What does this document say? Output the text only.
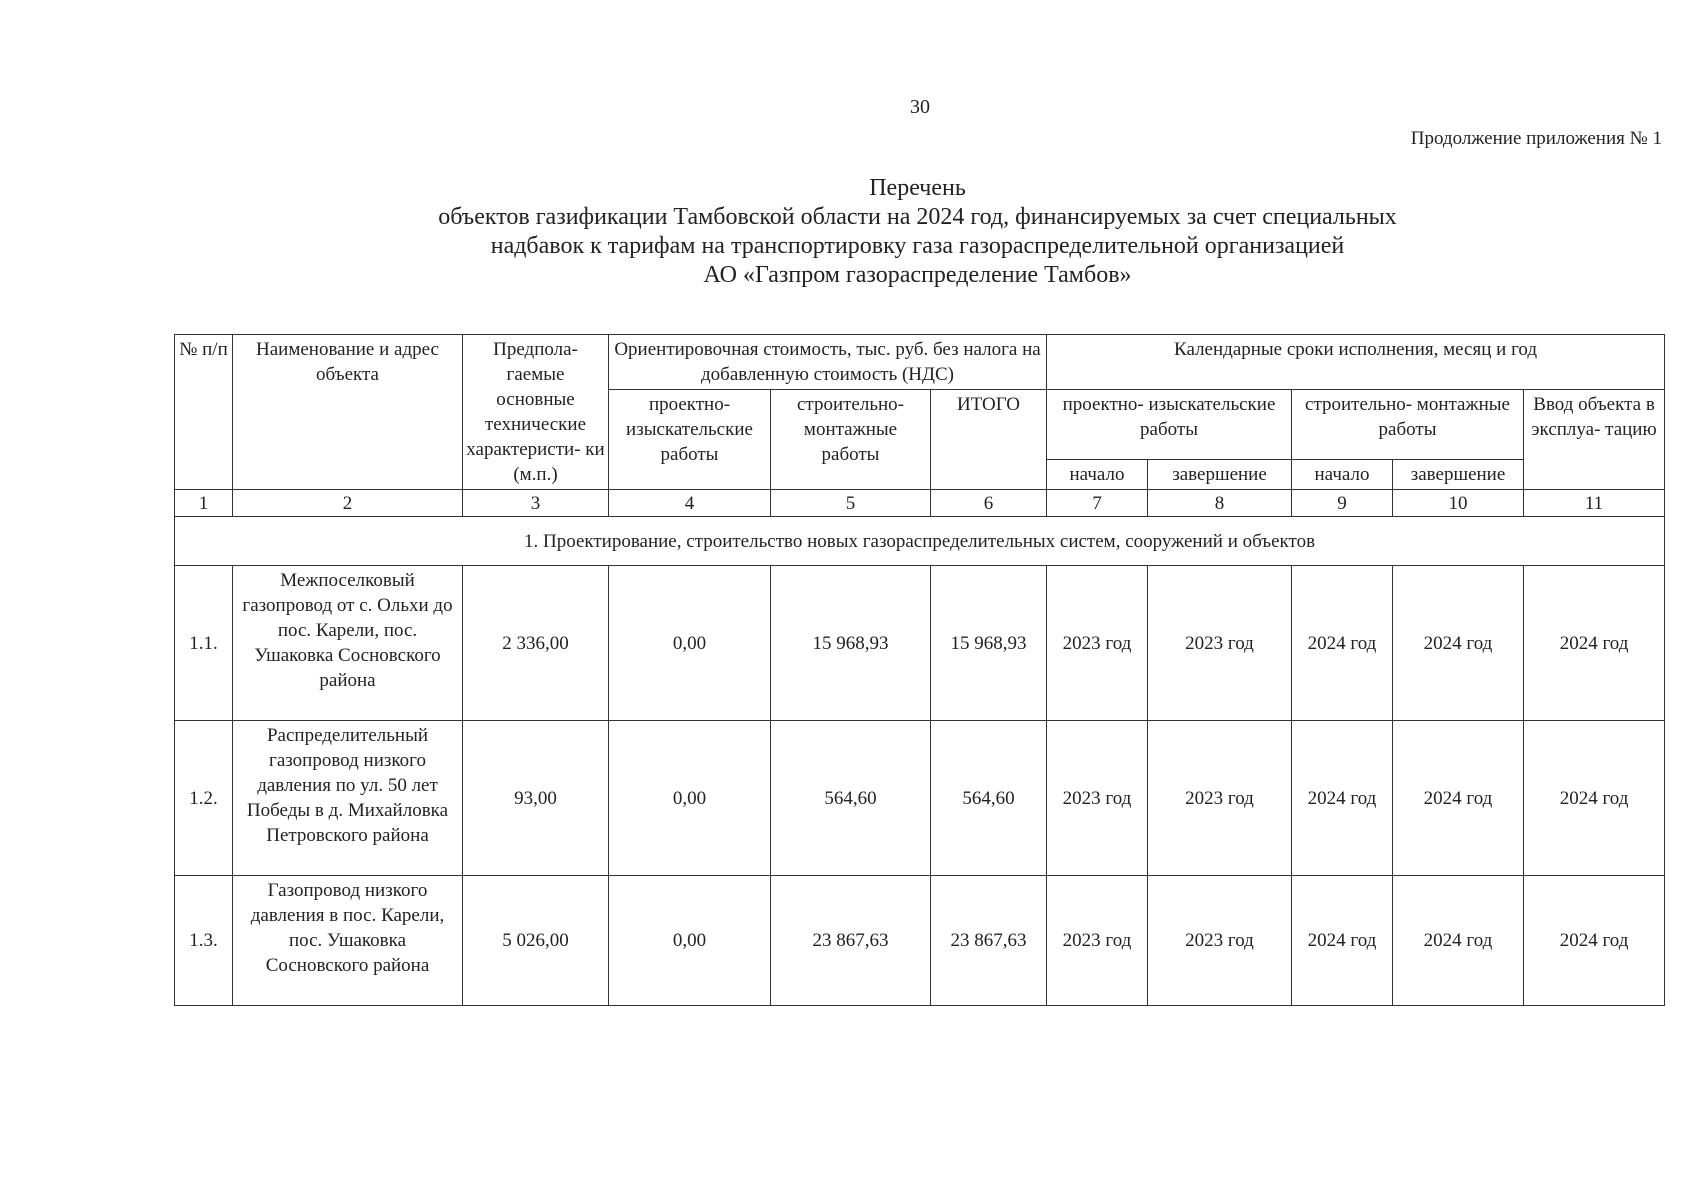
30
Продолжение приложения № 1
Перечень
объектов газификации Тамбовской области на 2024 год, финансируемых за счет специальных
надбавок к тарифам на транспортировку газа газораспределительной организацией
АО «Газпром газораспределение Тамбов»
№ п/п	Наименование и адрес объекта	Предпола- гаемые основные технические характеристи- ки (м.п.)	Ориентировочная стоимость, тыс. руб. без налога на добавленную стоимость (НДС)			Календарные сроки исполнения, месяц и год				
			проектно- изыскательские работы	строительно- монтажные работы	ИТОГО	проектно- изыскательские работы		строительно- монтажные работы		Ввод объекта в эксплуа- тацию
						начало	завершение	начало	завершение	
1	2	3	4	5	6	7	8	9	10	11
1. Проектирование, строительство новых газораспределительных систем, сооружений и объектов										
1.1.	Межпоселковый газопровод от с. Ольхи до пос. Карели, пос. Ушаковка Сосновского района	2 336,00	0,00	15 968,93	15 968,93	2023 год	2023 год	2024 год	2024 год	2024 год
1.2.	Распределительный газопровод низкого давления по ул. 50 лет Победы в д. Михайловка Петровского района	93,00	0,00	564,60	564,60	2023 год	2023 год	2024 год	2024 год	2024 год
1.3.	Газопровод низкого давления в пос. Карели, пос. Ушаковка Сосновского района	5 026,00	0,00	23 867,63	23 867,63	2023 год	2023 год	2024 год	2024 год	2024 год
